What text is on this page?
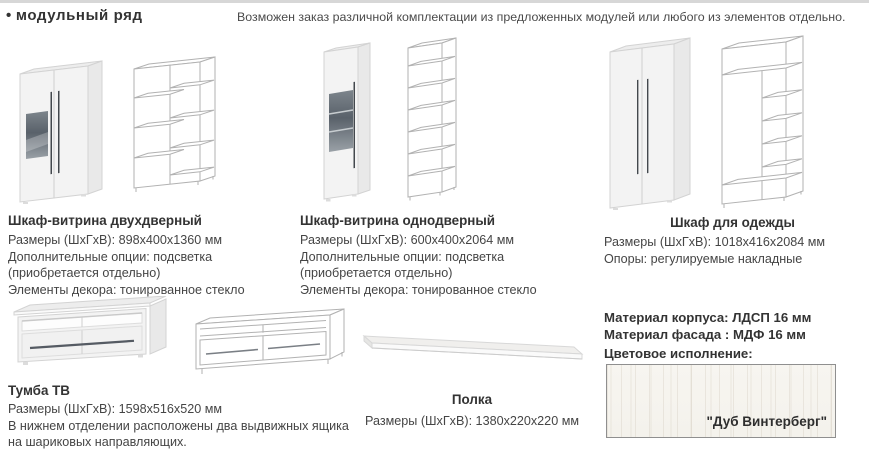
• модульный ряд	Возможен заказ различной комплектации из предложенных модулей или любого из элементов отдельно.
Шкаф-витрина двухдверный
Размеры (ШхГхВ): 898x400x1360 мм
Дополнительные опции: подсветка
(приобретается отдельно)
Элементы декора: тонированное стекло
Шкаф-витрина однодверный
Размеры (ШхГхВ): 600x400x2064 мм
Дополнительные опции: подсветка
(приобретается отдельно)
Элементы декора: тонированное стекло
Шкаф для одежды
Размеры (ШхГхВ): 1018x416x2084 мм
Опоры: регулируемые накладные
Тумба ТВ
Размеры (ШхГхВ): 1598x516x520 мм
В нижнем отделении расположены два выдвижных ящика
на шариковых направляющих.
Полка
Размеры (ШхГхВ): 1380x220x220 мм
Материал корпуса: ЛДСП 16 мм
Материал фасада : МДФ 16 мм
Цветовое исполнение:
"Дуб Винтерберг"
